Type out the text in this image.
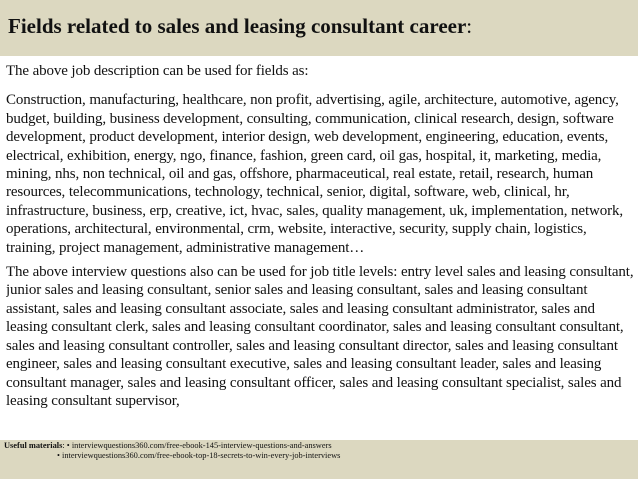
Fields related to sales and leasing consultant career:

The above job description can be used for fields as:

Construction, manufacturing, healthcare, non profit, advertising, agile, architecture, automotive, agency, budget, building, business development, consulting, communication, clinical research, design, software development, product development, interior design, web development, engineering, education, events, electrical, exhibition, energy, ngo, finance, fashion, green card, oil gas, hospital, it, marketing, media, mining, nhs, non technical, oil and gas, offshore, pharmaceutical, real estate, retail, research, human resources, telecommunications, technology, technical, senior, digital, software, web, clinical, hr, infrastructure, business, erp, creative, ict, hvac, sales, quality management, uk, implementation, network, operations, architectural, environmental, crm, website, interactive, security, supply chain, logistics, training, project management, administrative management…

The above interview questions also can be used for job title levels: entry level sales and leasing consultant, junior sales and leasing consultant, senior sales and leasing consultant, sales and leasing consultant assistant, sales and leasing consultant associate, sales and leasing consultant administrator, sales and leasing consultant clerk, sales and leasing consultant coordinator, sales and leasing consultant consultant, sales and leasing consultant controller, sales and leasing consultant director, sales and leasing consultant engineer, sales and leasing consultant executive, sales and leasing consultant leader, sales and leasing consultant manager, sales and leasing consultant officer, sales and leasing consultant specialist, sales and leasing consultant supervisor,

Useful materials: • interviewquestions360.com/free-ebook-145-interview-questions-and-answers
• interviewquestions360.com/free-ebook-top-18-secrets-to-win-every-job-interviews
